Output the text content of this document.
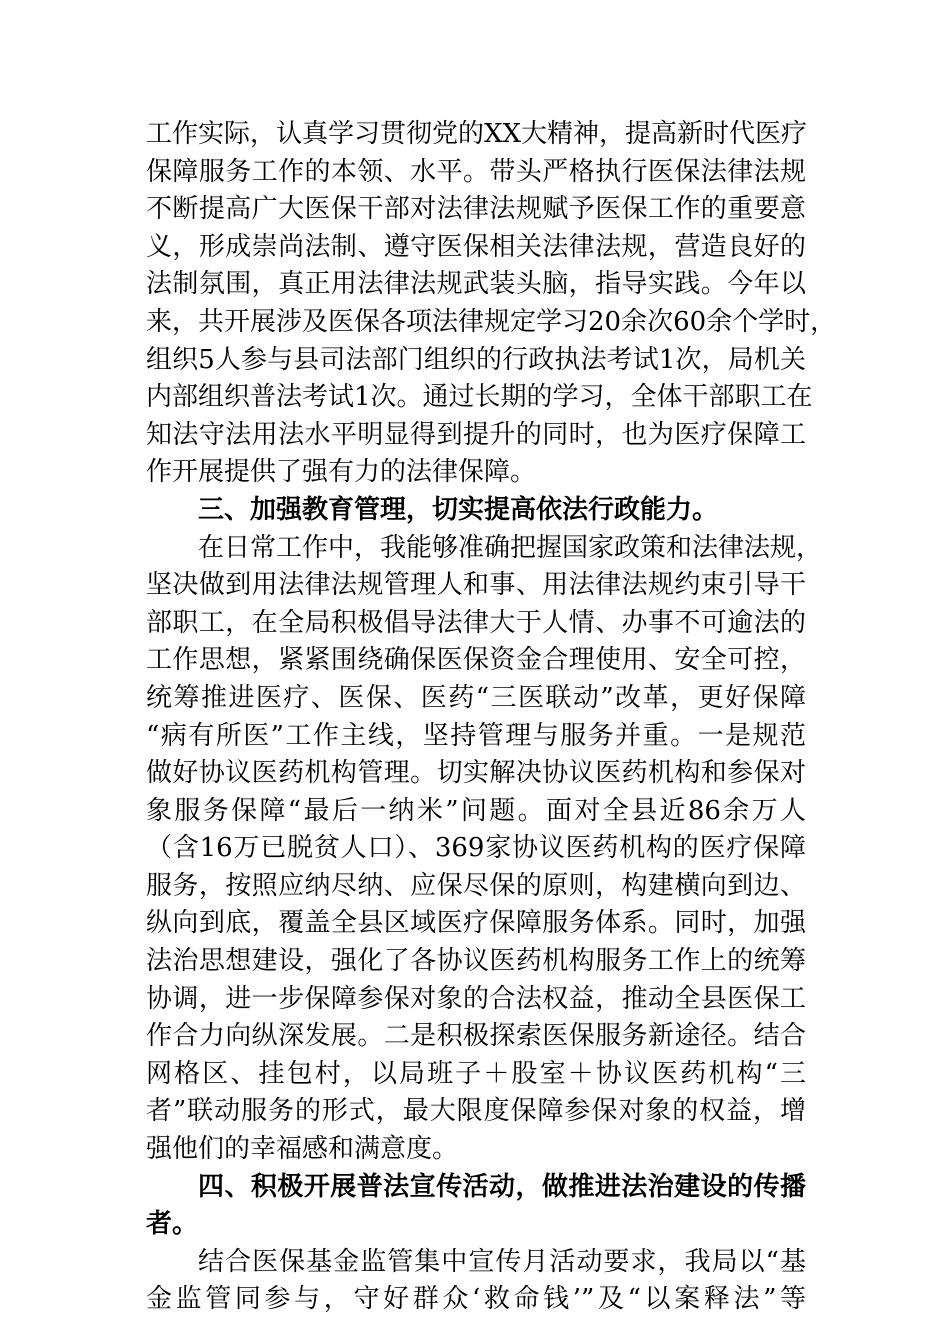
工作实际，认真学习贯彻党的XX大精神，提高新时代医疗
保障服务工作的本领、水平。带头严格执行医保法律法规
不断提高广大医保干部对法律法规赋予医保工作的重要意
义，形成崇尚法制、遵守医保相关法律法规，营造良好的
法制氛围，真正用法律法规武装头脑，指导实践。今年以
来，共开展涉及医保各项法律规定学习20余次60余个学时，
组织5人参与县司法部门组织的行政执法考试1次，局机关
内部组织普法考试1次。通过长期的学习，全体干部职工在
知法守法用法水平明显得到提升的同时，也为医疗保障工
作开展提供了强有力的法律保障。
三、加强教育管理，切实提高依法行政能力。
在日常工作中，我能够准确把握国家政策和法律法规，
坚决做到用法律法规管理人和事、用法律法规约束引导干
部职工，在全局积极倡导法律大于人情、办事不可逾法的
工作思想，紧紧围绕确保医保资金合理使用、安全可控，
统筹推进医疗、医保、医药“三医联动”改革，更好保障
“病有所医”工作主线，坚持管理与服务并重。一是规范
做好协议医药机构管理。切实解决协议医药机构和参保对
象服务保障“最后一纳米”问题。面对全县近86余万人
（含16万已脱贫人口）、369家协议医药机构的医疗保障
服务，按照应纳尽纳、应保尽保的原则，构建横向到边、
纵向到底，覆盖全县区域医疗保障服务体系。同时，加强
法治思想建设，强化了各协议医药机构服务工作上的统筹
协调，进一步保障参保对象的合法权益，推动全县医保工
作合力向纵深发展。二是积极探索医保服务新途径。结合
网格区、挂包村，以局班子＋股室＋协议医药机构“三
者”联动服务的形式，最大限度保障参保对象的权益，增
强他们的幸福感和满意度。
四、积极开展普法宣传活动，做推进法治建设的传播
者。
结合医保基金监管集中宣传月活动要求，我局以“基
金监管同参与，守好群众‘救命钱’”及“以案释法”等
